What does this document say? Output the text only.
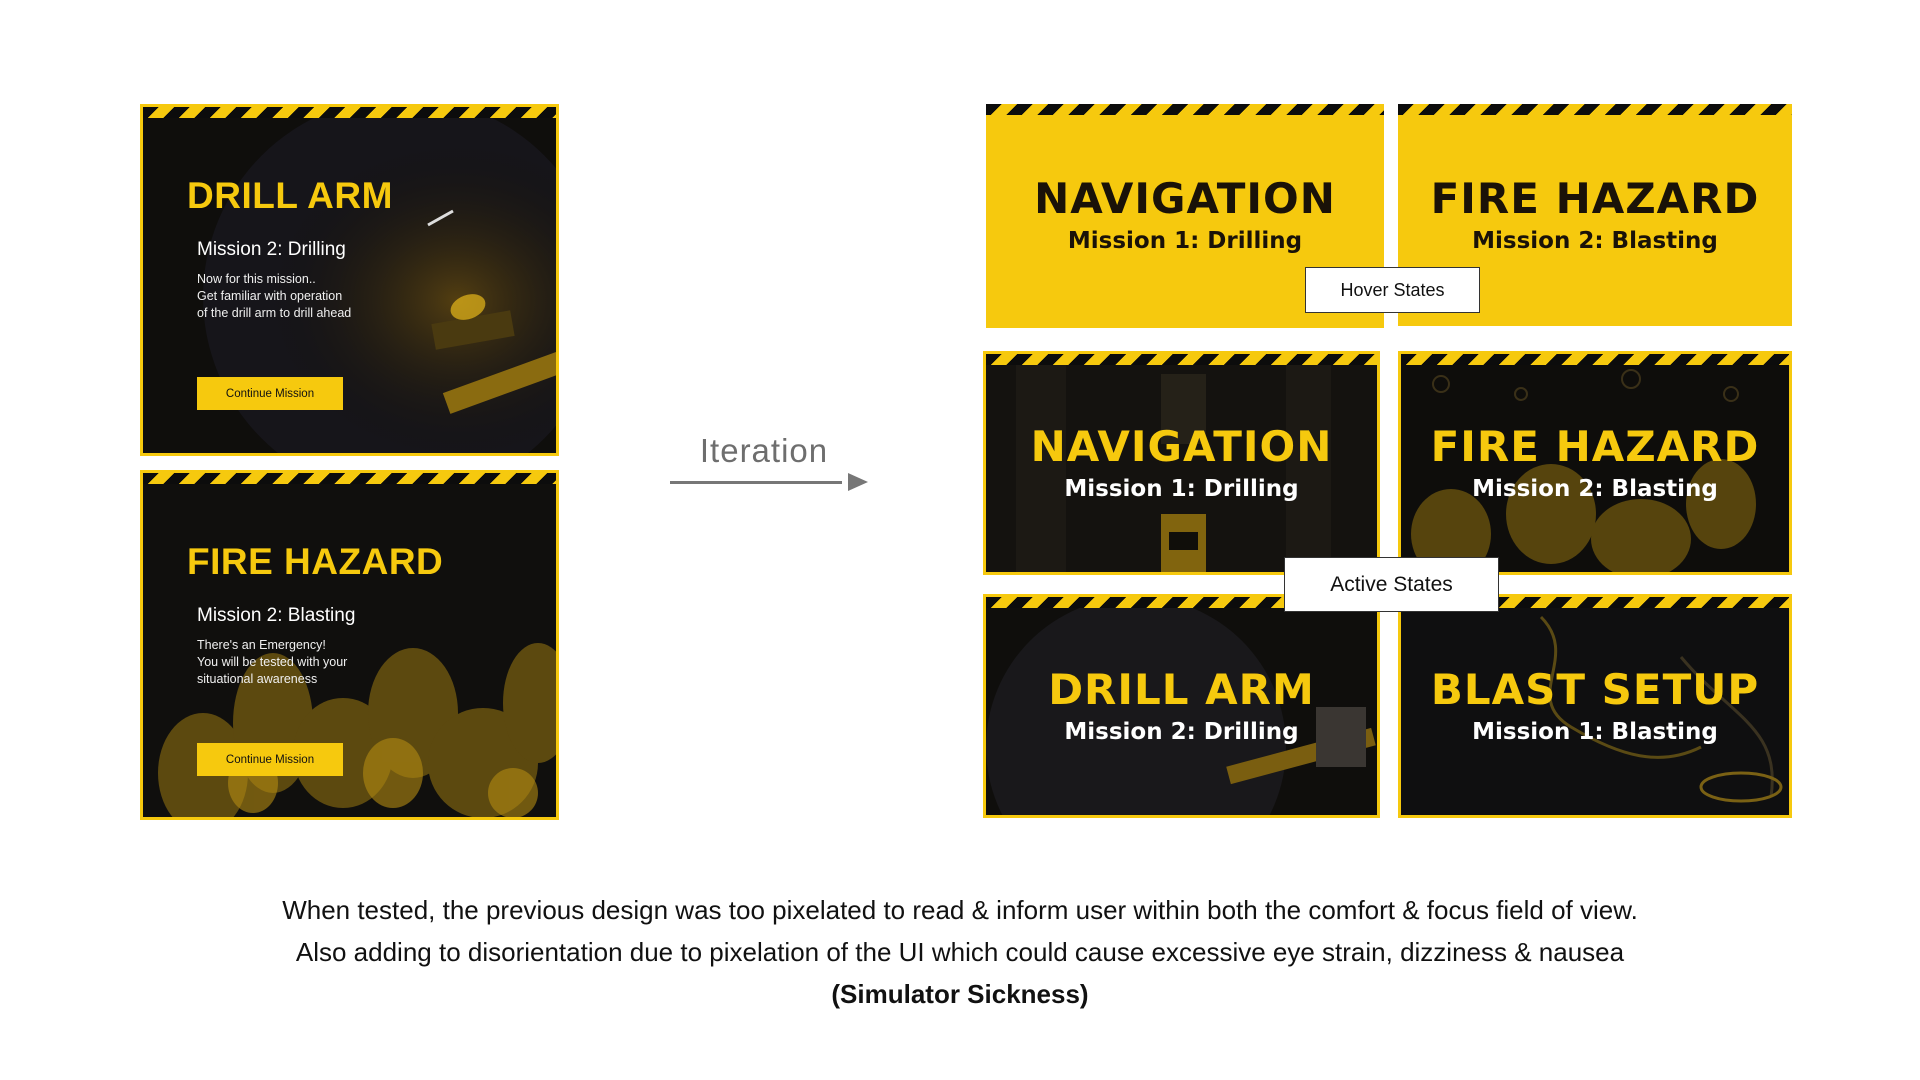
DRILL ARM
Mission 2: Drilling
Now for this mission..
Get familiar with operation
of the drill arm to drill ahead
Continue Mission
FIRE HAZARD
Mission 2: Blasting
There's an Emergency!
You will be tested with your
situational awareness
Continue Mission
Iteration
NAVIGATION
Mission 1: Drilling
FIRE HAZARD
Mission 2: Blasting
Hover States
NAVIGATION
Mission 1: Drilling
FIRE HAZARD
Mission 2: Blasting
DRILL ARM
Mission 2: Drilling
BLAST SETUP
Mission 1: Blasting
Active States
When tested, the previous design was too pixelated to read & inform user within both the comfort & focus field of view.
Also adding to disorientation due to pixelation of the UI which could cause excessive eye strain, dizziness & nausea
(Simulator Sickness)
